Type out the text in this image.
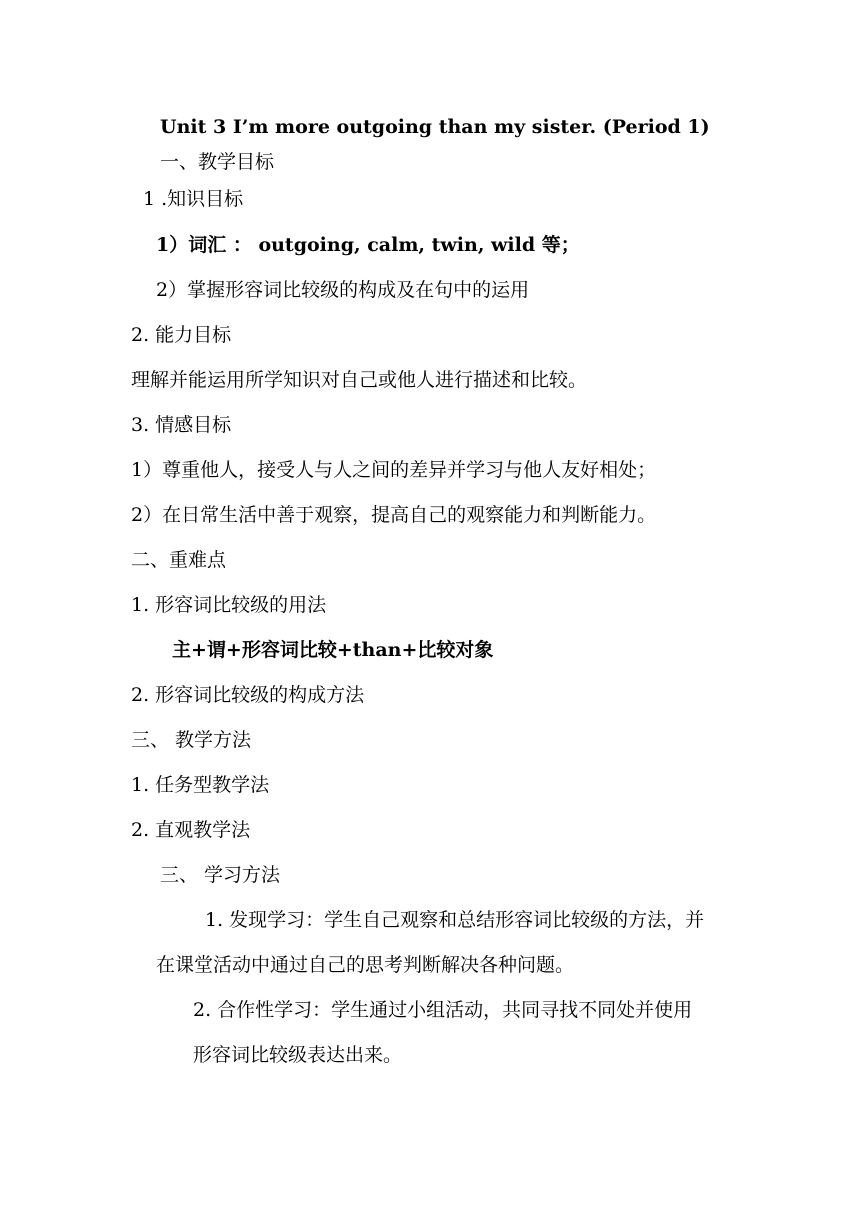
Unit 3 I’m more outgoing than my sister. (Period 1)
一、教学目标
1 .知识目标
1）词汇 ： outgoing, calm, twin, wild 等；
2）掌握形容词比较级的构成及在句中的运用
2. 能力目标
理解并能运用所学知识对自己或他人进行描述和比较。
3. 情感目标
1）尊重他人，接受人与人之间的差异并学习与他人友好相处；
2）在日常生活中善于观察，提高自己的观察能力和判断能力。
二、重难点
1. 形容词比较级的用法
主+谓+形容词比较+than+比较对象
2. 形容词比较级的构成方法
三、 教学方法
1. 任务型教学法
2. 直观教学法
三、 学习方法
1. 发现学习：学生自己观察和总结形容词比较级的方法，并
在课堂活动中通过自己的思考判断解决各种问题。
2. 合作性学习：学生通过小组活动，共同寻找不同处并使用
形容词比较级表达出来。
